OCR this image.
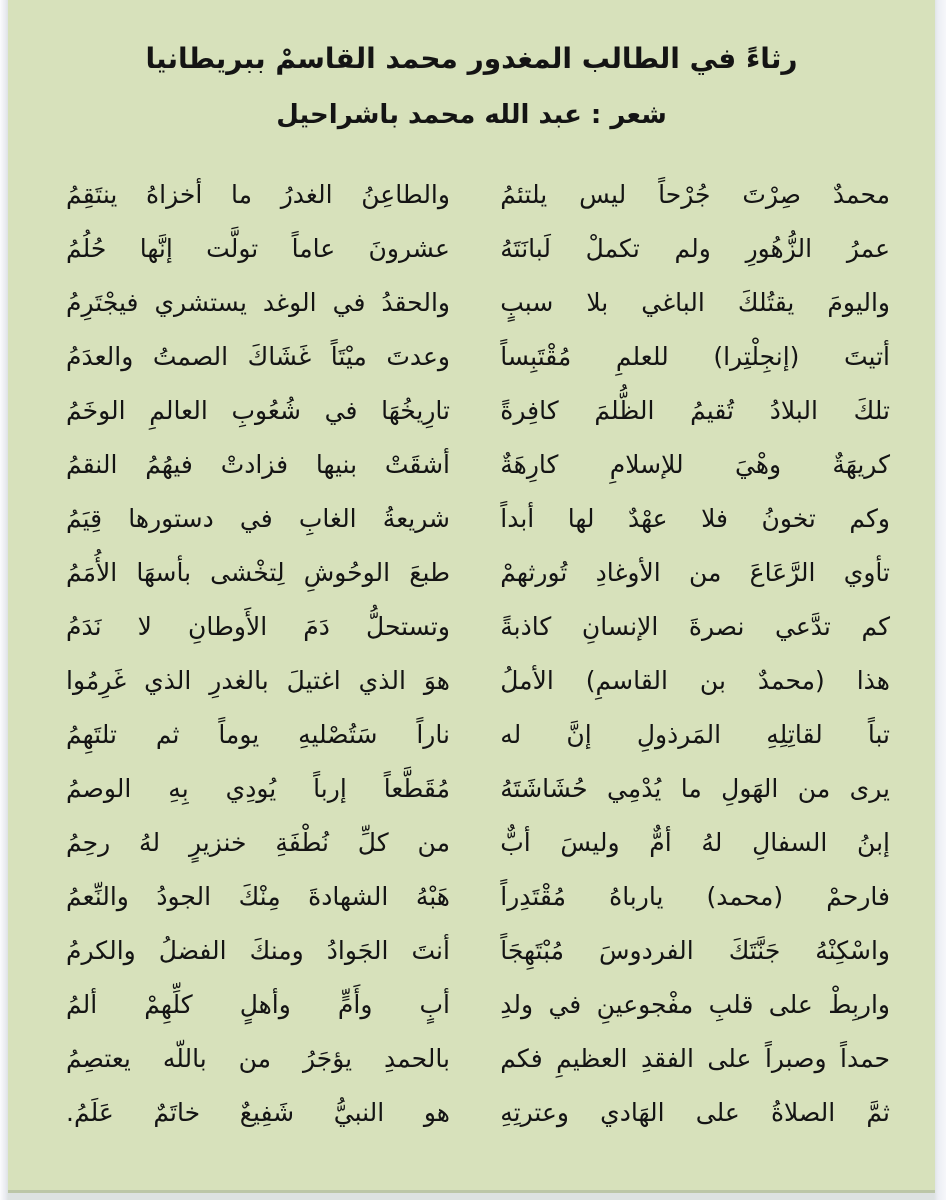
رثاءً في الطالب المغدور محمد القاسمْ ببريطانيا
شعر : عبد الله محمد باشراحيل
محمدٌ صِرْتَ جُرْحاً ليس يلتئمُ
والطاعِنُ الغدرُ ما أخزاهُ ينتَقِمُ
عمرُ الزُّهُورِ ولم تكملْ لَبانَتَهُ
عشرونَ عاماً تولَّت إنَّها حُلُمُ
واليومَ يقتُلكَ الباغي بلا سببٍ
والحقدُ في الوغد يستشري فيجْتَرِمُ
أتيتَ (إنجِلْتِرا) للعلمِ مُقْتَبِساً
وعدتَ ميْتَاً غَشَاكَ الصمتُ والعدَمُ
تلكَ البلادُ تُقيمُ الظُّلمَ كافِرةً
تارِيخُهَا في شُعُوبِ العالمِ الوخَمُ
كريهَةٌ وهْيَ للإسلامِ كارِهَةٌ
أشقَتْ بنيها فزادتْ فيهُمُ النقمُ
وكم تخونُ فلا عهْدٌ لها أبداً
شريعةُ الغابِ في دستورها قِيَمُ
تأوي الرَّعَاعَ من الأوغادِ تُورثهمْ
طبعَ الوحُوشِ لِتخْشى بأسهَا الأُمَمُ
كم تدَّعي نصرةَ الإنسانِ كاذبةً
وتستحلُّ دَمَ الأَوطانِ لا نَدَمُ
هذا (محمدٌ بن القاسمِ) الأملُ
هوَ الذي اغتيلَ بالغدرِ الذي غَرِمُوا
تباً لقاتِلِهِ المَرذولِ إنَّ له
ناراً سَتُصْليهِ يوماً ثم تلتَهِمُ
يرى من الهَولِ ما يُدْمِي حُشَاشَتَهُ
مُقَطَّعاً إرباً يُودِي بِهِ الوصمُ
إبنُ السفالِ لهُ أمٌّ وليسَ أبٌّ
من كلِّ نُطْفَةِ خنزيرٍ لهُ رحِمُ
فارحمْ (محمد) يارباهُ مُقْتَدِراً
هَبْهُ الشهادةَ مِنْكَ الجودُ والنِّعمُ
واسْكِنْهُ جَنَّتَكَ الفردوسَ مُبْتَهِجَاً
أنتَ الجَوادُ ومنكَ الفضلُ والكرمُ
واربِطْ على قلبِ مفْجوعينِ في ولدِ
أبٍ وأَمٍّ وأهلٍ كلِّهِمْ ألمُ
حمداً وصبراً على الفقدِ العظيمِ فكم
بالحمدِ يؤجَرُ من باللّه يعتصِمُ
ثمَّ الصلاةُ على الهَادي وعترتِهِ
هو النبيُّ شَفِيعٌ خاتَمٌ عَلَمُ.
